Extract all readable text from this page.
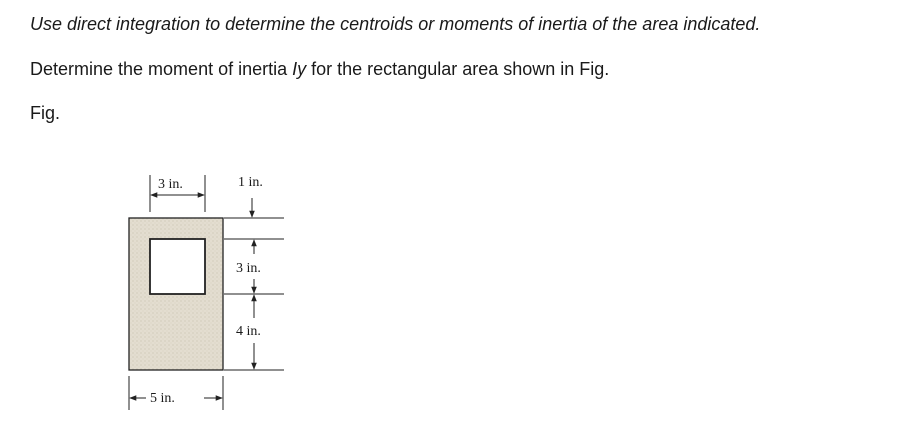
Use direct integration to determine the centroids or moments of inertia of the area indicated.
Determine the moment of inertia Iy for the rectangular area shown in Fig.
Fig.
3 in.	1 in.
3 in.
4 in.
5 in.
